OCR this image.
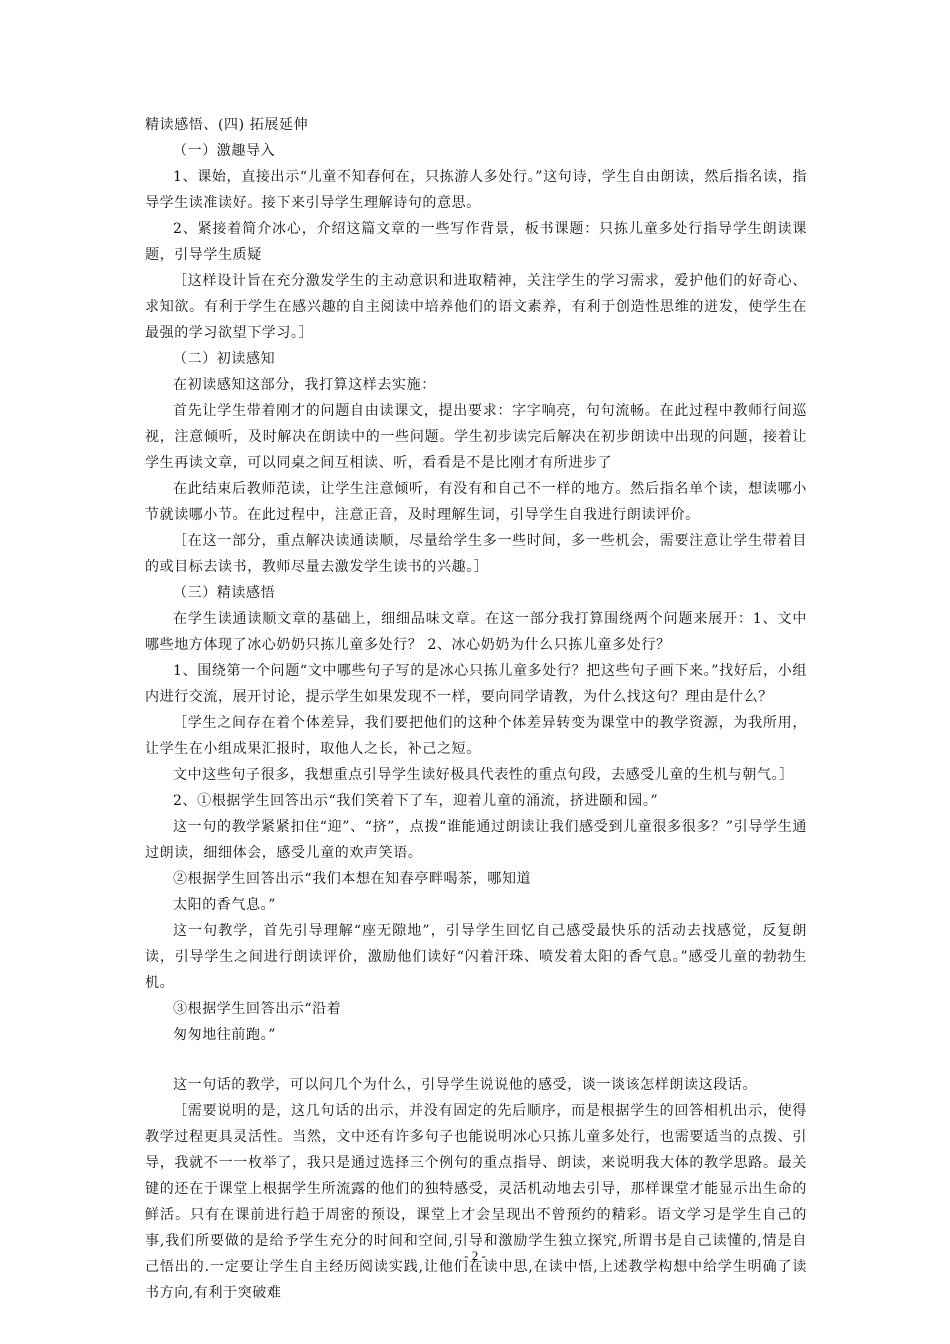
精读感悟、(四) 拓展延伸

（一）激趣导入

1、课始，直接出示“儿童不知春何在，只拣游人多处行。”这句诗，学生自由朗读，然后指名读，指导学生读准读好。接下来引导学生理解诗句的意思。

2、紧接着简介冰心，介绍这篇文章的一些写作背景，板书课题：只拣儿童多处行指导学生朗读课题，引导学生质疑

［这样设计旨在充分激发学生的主动意识和进取精神，关注学生的学习需求，爱护他们的好奇心、求知欲。有利于学生在感兴趣的自主阅读中培养他们的语文素养，有利于创造性思维的迸发，使学生在最强的学习欲望下学习。］

（二）初读感知

在初读感知这部分，我打算这样去实施：

首先让学生带着刚才的问题自由读课文，提出要求：字字响亮，句句流畅。在此过程中教师行间巡视，注意倾听，及时解决在朗读中的一些问题。学生初步读完后解决在初步朗读中出现的问题，接着让学生再读文章，可以同桌之间互相读、听，看看是不是比刚才有所进步了

在此结束后教师范读，让学生注意倾听，有没有和自己不一样的地方。然后指名单个读，想读哪小节就读哪小节。在此过程中，注意正音，及时理解生词，引导学生自我进行朗读评价。

［在这一部分，重点解决读通读顺，尽量给学生多一些时间，多一些机会，需要注意让学生带着目的或目标去读书，教师尽量去激发学生读书的兴趣。］

（三）精读感悟

在学生读通读顺文章的基础上，细细品味文章。在这一部分我打算围绕两个问题来展开：1、文中哪些地方体现了冰心奶奶只拣儿童多处行？ 2、冰心奶奶为什么只拣儿童多处行？

1、围绕第一个问题“文中哪些句子写的是冰心只拣儿童多处行？把这些句子画下来。”找好后，小组内进行交流，展开讨论，提示学生如果发现不一样，要向同学请教，为什么找这句？理由是什么？

［学生之间存在着个体差异，我们要把他们的这种个体差异转变为课堂中的教学资源，为我所用，让学生在小组成果汇报时，取他人之长，补己之短。

文中这些句子很多，我想重点引导学生读好极具代表性的重点句段，去感受儿童的生机与朝气。］

2、①根据学生回答出示“我们笑着下了车，迎着儿童的涌流，挤进颐和园。”

这一句的教学紧紧扣住“迎”、“挤”，点拨“谁能通过朗读让我们感受到儿童很多很多？”引导学生通过朗读，细细体会，感受儿童的欢声笑语。

②根据学生回答出示“我们本想在知春亭畔喝茶，哪知道

太阳的香气息。”

这一句教学，首先引导理解“座无隙地”，引导学生回忆自己感受最快乐的活动去找感觉，反复朗读，引导学生之间进行朗读评价，激励他们读好“闪着汗珠、喷发着太阳的香气息。”感受儿童的勃勃生机。

③根据学生回答出示“沿着

匆匆地往前跑。”

这一句话的教学，可以问几个为什么，引导学生说说他的感受，谈一谈该怎样朗读这段话。

［需要说明的是，这几句话的出示，并没有固定的先后顺序，而是根据学生的回答相机出示，使得教学过程更具灵活性。当然，文中还有许多句子也能说明冰心只拣儿童多处行，也需要适当的点拨、引导，我就不一一枚举了，我只是通过选择三个例句的重点指导、朗读，来说明我大体的教学思路。最关键的还在于课堂上根据学生所流露的他们的独特感受，灵活机动地去引导，那样课堂才能显示出生命的鲜活。只有在课前进行趋于周密的预设，课堂上才会呈现出不曾预约的精彩。语文学习是学生自己的事,我们所要做的是给予学生充分的时间和空间,引导和激励学生独立探究,所谓书是自己读懂的,情是自己悟出的.一定要让学生自主经历阅读实践,让他们在读中思,在读中悟,上述教学构想中给学生明确了读书方向,有利于突破难

- 2 -
